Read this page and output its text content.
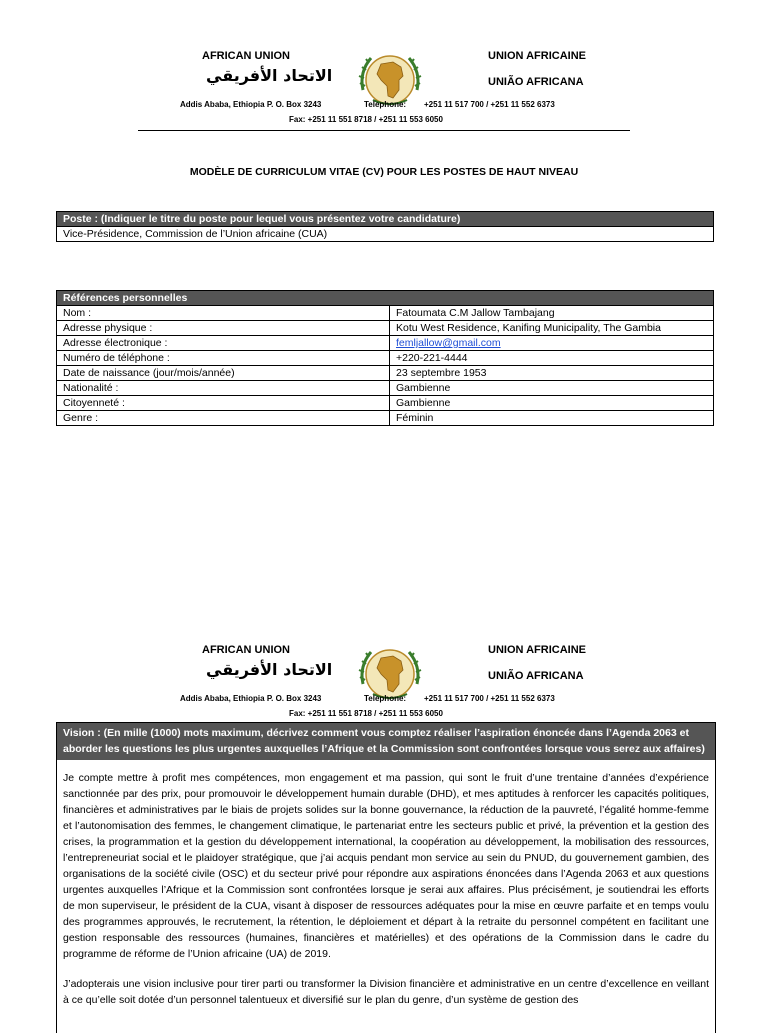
AFRICAN UNION
الاتحاد الأفريقي
UNION AFRICAINE
UNIÃO AFRICANA
Addis Ababa, Ethiopia P. O. Box 3243	Telephone: +251 11 517 700 / +251 11 552 6373
Fax: +251 11 551 8718 / +251 11 553 6050
MODÈLE DE CURRICULUM VITAE (CV) POUR LES POSTES DE HAUT NIVEAU
Poste : (Indiquer le titre du poste pour lequel vous présentez votre candidature)
Vice-Présidence, Commission de l’Union africaine (CUA)
Références personnelles	
Nom :	Fatoumata C.M Jallow Tambajang
Adresse physique :	Kotu West Residence, Kanifing Municipality, The Gambia
Adresse électronique :	femljallow@gmail.com
Numéro de téléphone :	+220-221-4444
Date de naissance (jour/mois/année)	23 septembre 1953
Nationalité :	Gambienne
Citoyenneté :	Gambienne
Genre :	Féminin
AFRICAN UNION
الاتحاد الأفريقي
UNION AFRICAINE
UNIÃO AFRICANA
Addis Ababa, Ethiopia P. O. Box 3243	Telephone: +251 11 517 700 / +251 11 552 6373
Fax: +251 11 551 8718 / +251 11 553 6050
Vision : (En mille (1000) mots maximum, décrivez comment vous comptez réaliser l’aspiration énoncée dans l’Agenda 2063 et aborder les questions les plus urgentes auxquelles l’Afrique et la Commission sont confrontées lorsque vous serez aux affaires)

Je compte mettre à profit mes compétences, mon engagement et ma passion, qui sont le fruit d’une trentaine d’années d’expérience sanctionnée par des prix, pour promouvoir le développement humain durable (DHD), et mes aptitudes à renforcer les capacités politiques, financières et administratives par le biais de projets solides sur la bonne gouvernance, la réduction de la pauvreté, l’égalité homme-femme et l’autonomisation des femmes, le changement climatique, le partenariat entre les secteurs public et privé, la prévention et la gestion des crises, la programmation et la gestion du développement international, la coopération au développement, la mobilisation des ressources, l’entrepreneuriat social et le plaidoyer stratégique, que j’ai acquis pendant mon service au sein du PNUD, du gouvernement gambien, des organisations de la société civile (OSC) et du secteur privé pour répondre aux aspirations énoncées dans l’Agenda 2063 et aux questions urgentes auxquelles l’Afrique et la Commission sont confrontées lorsque je serai aux affaires. Plus précisément, je soutiendrai les efforts de mon superviseur, le président de la CUA, visant à disposer de ressources adéquates pour la mise en œuvre parfaite et en temps voulu des programmes approuvés, le recrutement, la rétention, le déploiement et départ à la retraite du personnel compétent en facilitant une gestion responsable des ressources (humaines, financières et matérielles) et des opérations de la Commission dans le cadre du programme de réforme de l’Union africaine (UA) de 2019.

J’adopterais une vision inclusive pour tirer parti ou transformer la Division financière et administrative en un centre d’excellence en veillant à ce qu’elle soit dotée d’un personnel talentueux et diversifié sur le plan du genre, d’un système de gestion des
